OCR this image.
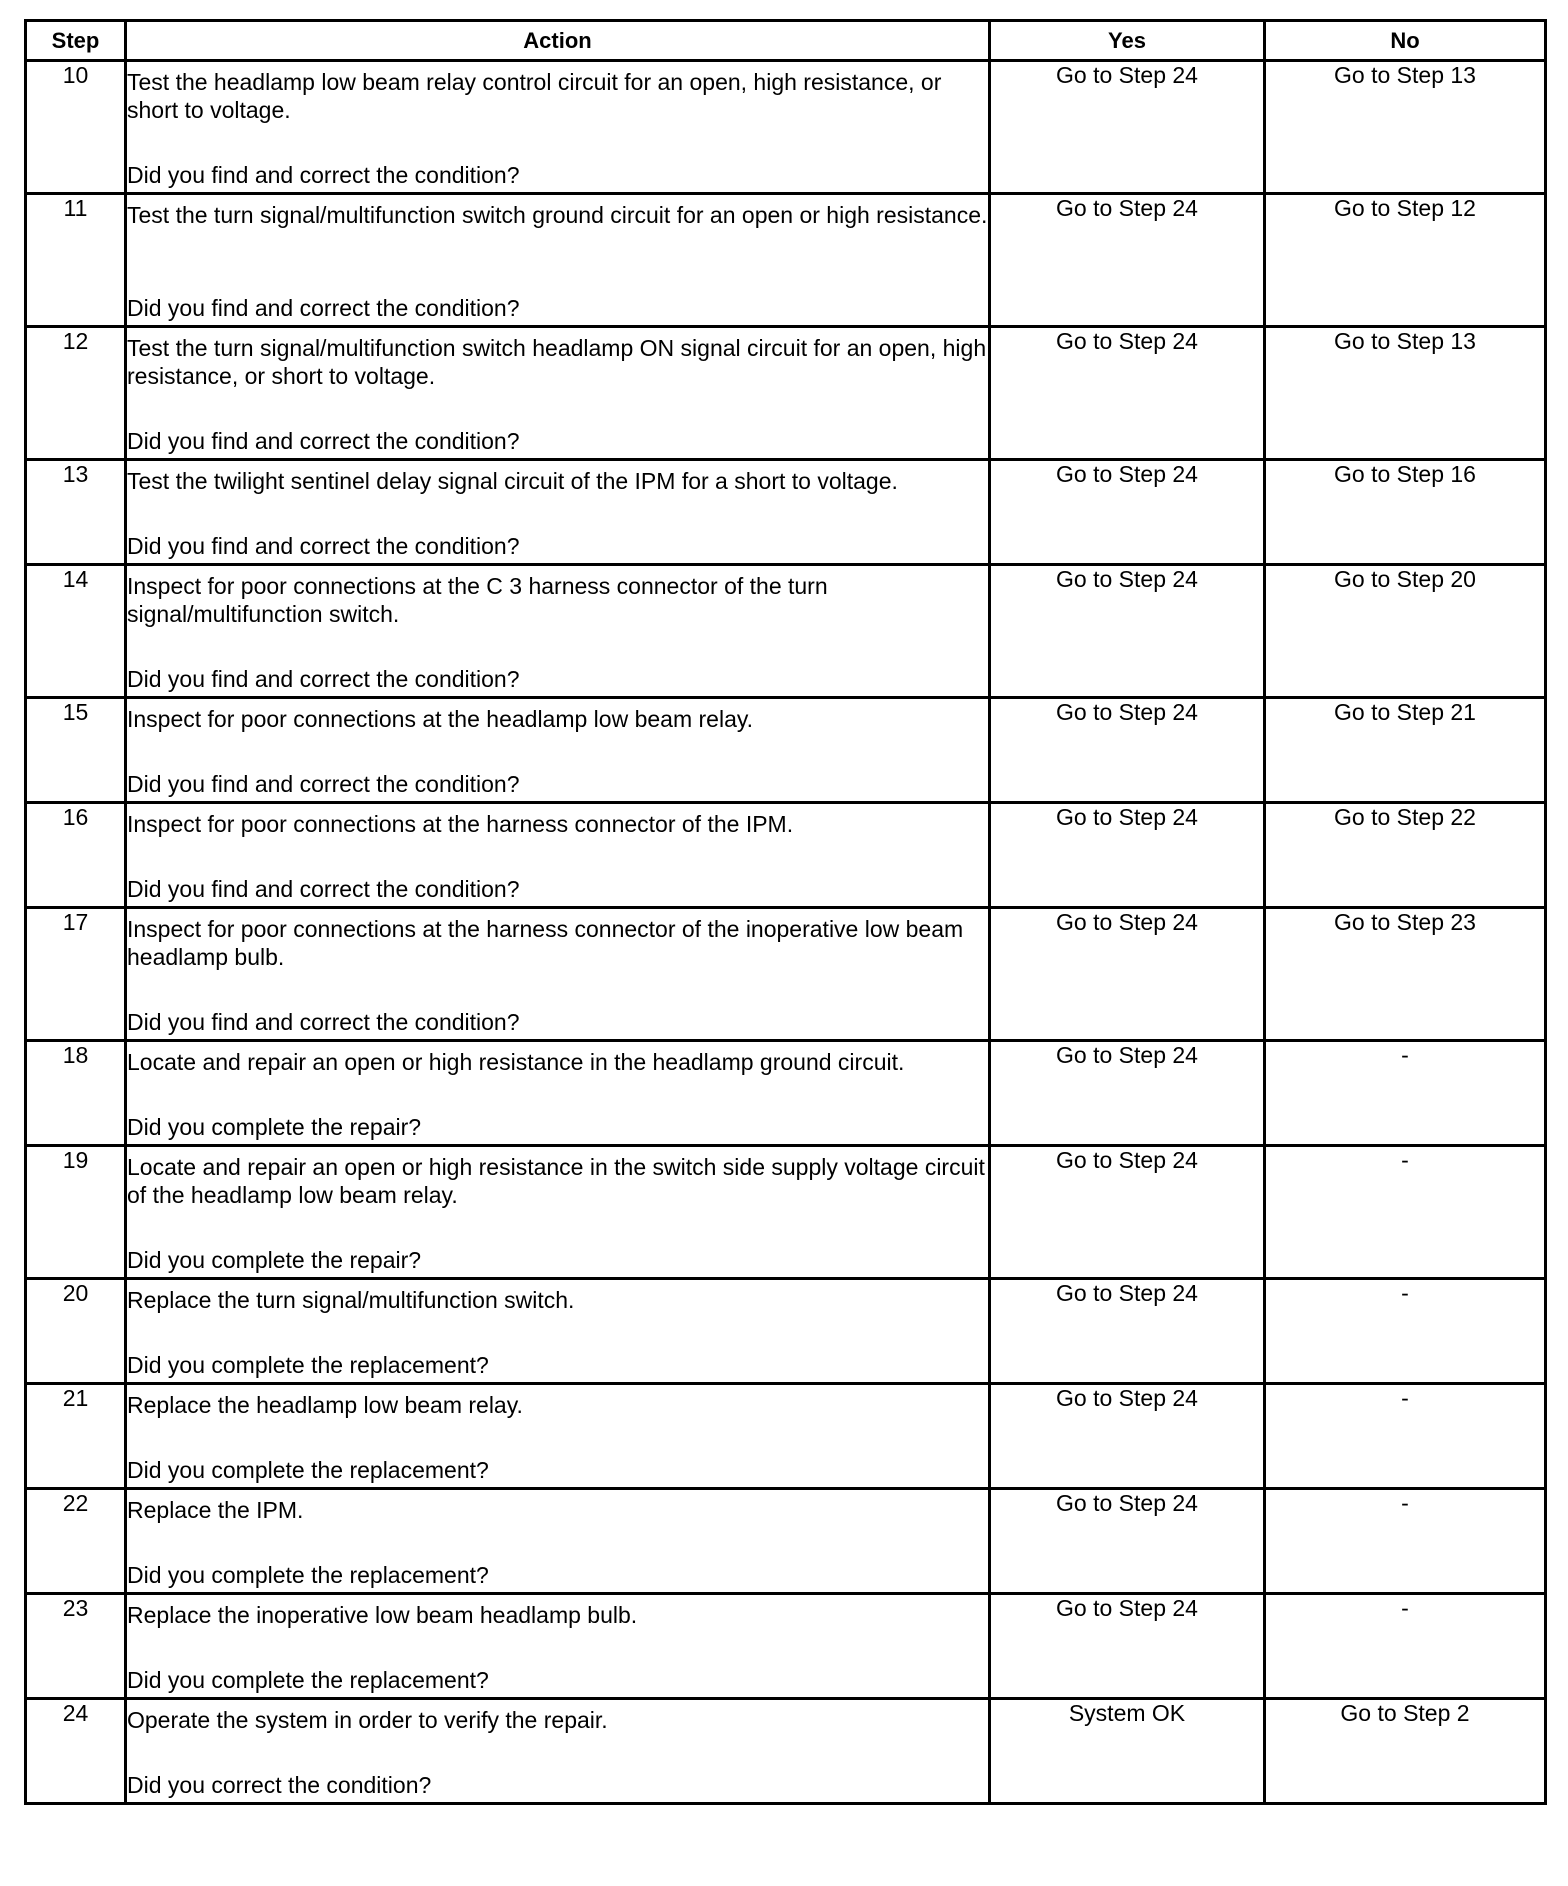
Step	Action	Yes	No
10	Test the headlamp low beam relay control circuit for an open, high resistance, or short to voltage.
Did you find and correct the condition?	Go to Step 24	Go to Step 13
11	Test the turn signal/multifunction switch ground circuit for an open or high resistance.
Did you find and correct the condition?	Go to Step 24	Go to Step 12
12	Test the turn signal/multifunction switch headlamp ON signal circuit for an open, high resistance, or short to voltage.
Did you find and correct the condition?	Go to Step 24	Go to Step 13
13	Test the twilight sentinel delay signal circuit of the IPM for a short to voltage.
Did you find and correct the condition?	Go to Step 24	Go to Step 16
14	Inspect for poor connections at the C 3 harness connector of the turn signal/multifunction switch.
Did you find and correct the condition?	Go to Step 24	Go to Step 20
15	Inspect for poor connections at the headlamp low beam relay.
Did you find and correct the condition?	Go to Step 24	Go to Step 21
16	Inspect for poor connections at the harness connector of the IPM.
Did you find and correct the condition?	Go to Step 24	Go to Step 22
17	Inspect for poor connections at the harness connector of the inoperative low beam headlamp bulb.
Did you find and correct the condition?	Go to Step 24	Go to Step 23
18	Locate and repair an open or high resistance in the headlamp ground circuit.
Did you complete the repair?	Go to Step 24	-
19	Locate and repair an open or high resistance in the switch side supply voltage circuit of the headlamp low beam relay.
Did you complete the repair?	Go to Step 24	-
20	Replace the turn signal/multifunction switch.
Did you complete the replacement?	Go to Step 24	-
21	Replace the headlamp low beam relay.
Did you complete the replacement?	Go to Step 24	-
22	Replace the IPM.
Did you complete the replacement?	Go to Step 24	-
23	Replace the inoperative low beam headlamp bulb.
Did you complete the replacement?	Go to Step 24	-
24	Operate the system in order to verify the repair.
Did you correct the condition?	System OK	Go to Step 2
